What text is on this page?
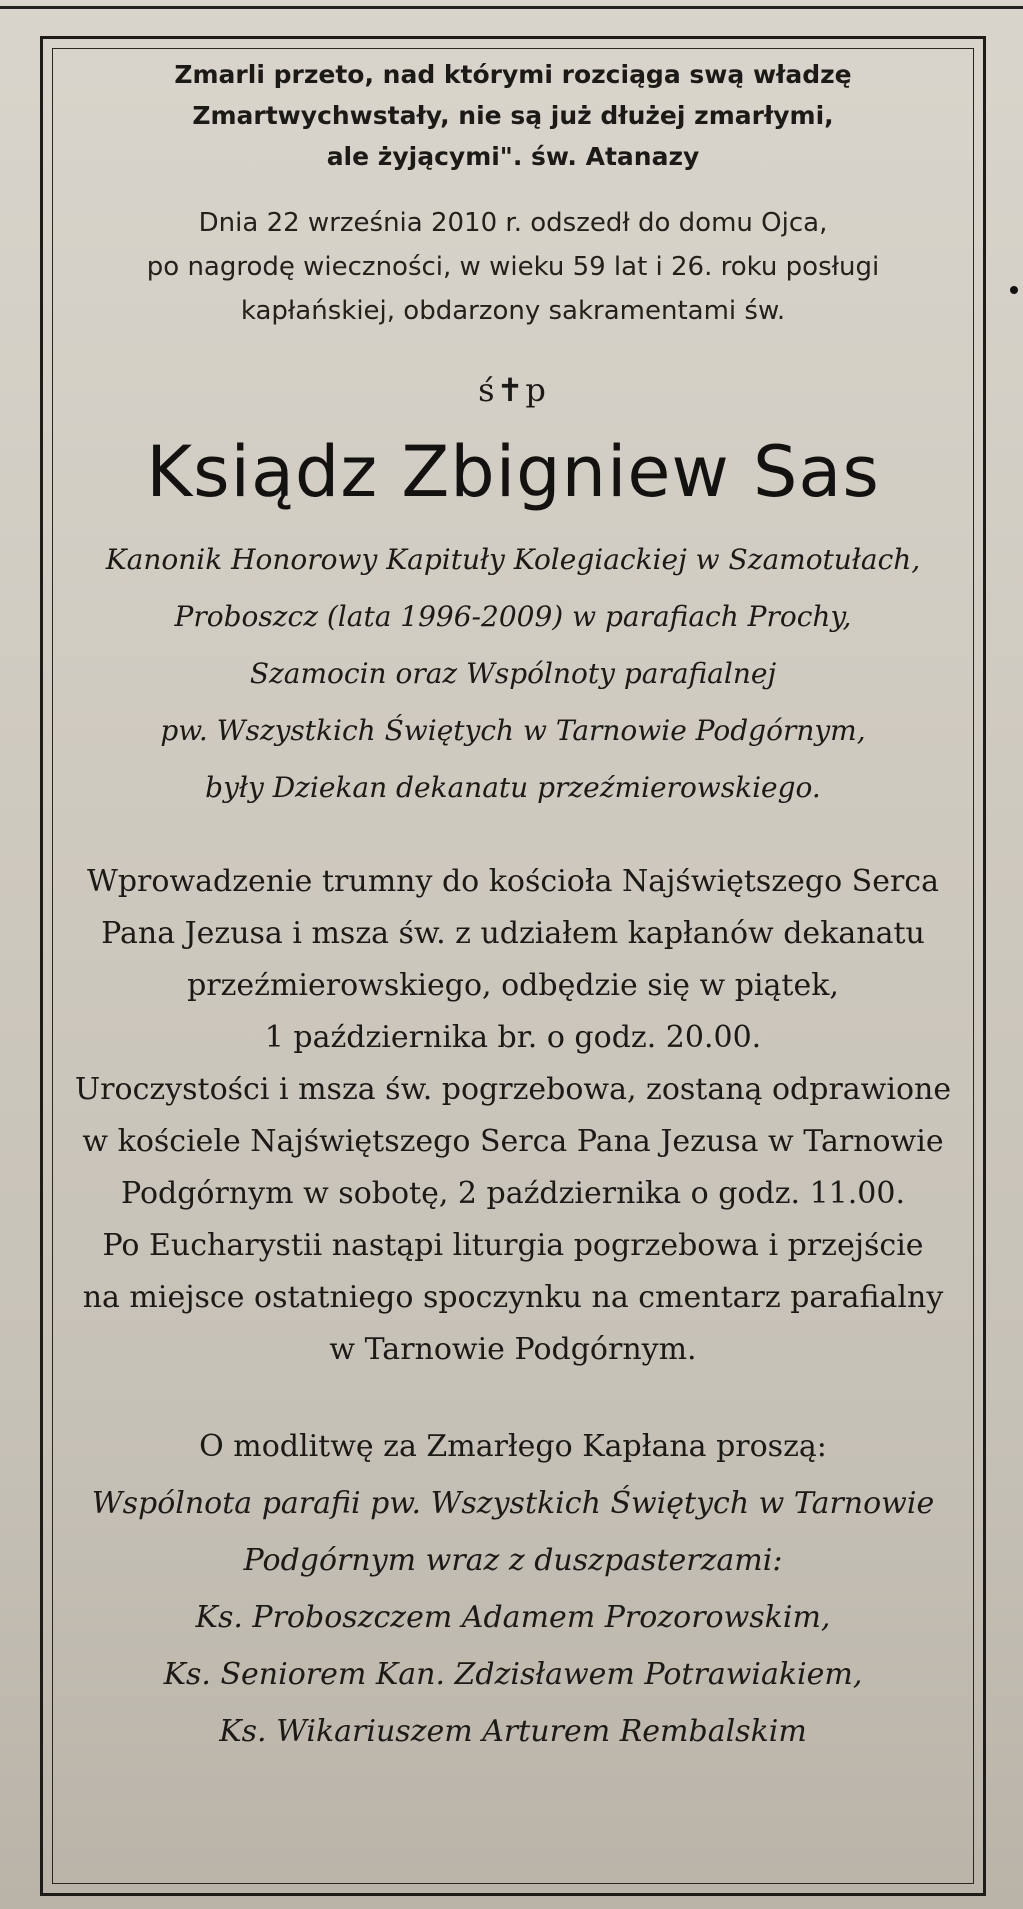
Zmarli przeto, nad którymi rozciąga swą władzę
Zmartwychwstały, nie są już dłużej zmarłymi,
ale żyjącymi". św. Atanazy
Dnia 22 września 2010 r. odszedł do domu Ojca,
po nagrodę wieczności, w wieku 59 lat i 26. roku posługi
kapłańskiej, obdarzony sakramentami św.
ś✝p
Ksiądz Zbigniew Sas
Kanonik Honorowy Kapituły Kolegiackiej w Szamotułach,
Proboszcz (lata 1996-2009) w parafiach Prochy,
Szamocin oraz Wspólnoty parafialnej
pw. Wszystkich Świętych w Tarnowie Podgórnym,
były Dziekan dekanatu przeźmierowskiego.
Wprowadzenie trumny do kościoła Najświętszego Serca
Pana Jezusa i msza św. z udziałem kapłanów dekanatu
przeźmierowskiego, odbędzie się w piątek,
1 października br. o godz. 20.00.
Uroczystości i msza św. pogrzebowa, zostaną odprawione
w kościele Najświętszego Serca Pana Jezusa w Tarnowie
Podgórnym w sobotę, 2 października o godz. 11.00.
Po Eucharystii nastąpi liturgia pogrzebowa i przejście
na miejsce ostatniego spoczynku na cmentarz parafialny
w Tarnowie Podgórnym.
O modlitwę za Zmarłego Kapłana proszą:
Wspólnota parafii pw. Wszystkich Świętych w Tarnowie
Podgórnym wraz z duszpasterzami:
Ks. Proboszczem Adamem Prozorowskim,
Ks. Seniorem Kan. Zdzisławem Potrawiakiem,
Ks. Wikariuszem Arturem Rembalskim
